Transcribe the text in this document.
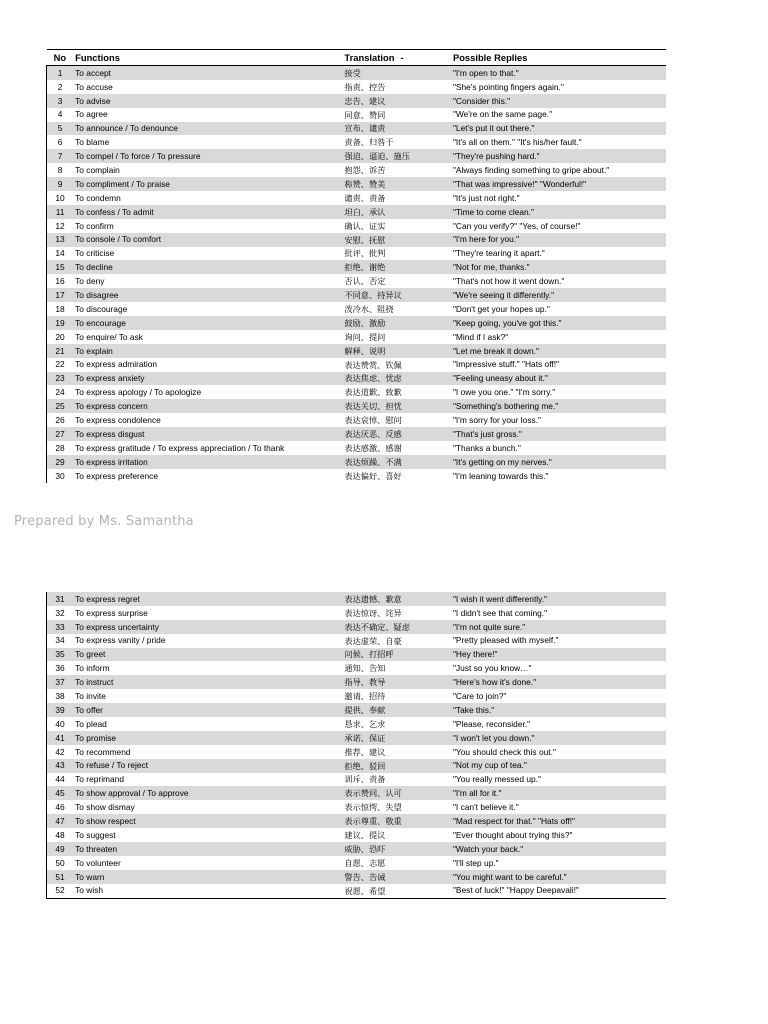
No	Functions	Translation -	Possible Replies
1	To accept	接受	"I'm open to that."
2	To accuse	指责、控告	"She's pointing fingers again."
3	To advise	忠告、建议	"Consider this."
4	To agree	同意、赞同	"We're on the same page."
5	To announce / To denounce	宣布、谴责	"Let's put it out there."
6	To blame	责备、归咎于	"It's all on them." "It's his/her fault."
7	To compel / To force / To pressure	强迫、逼迫、施压	"They're pushing hard."
8	To complain	抱怨、诉苦	"Always finding something to gripe about."
9	To compliment / To praise	称赞、赞美	"That was impressive!" "Wonderful!"
10	To condemn	谴责、责备	"It's just not right."
11	To confess / To admit	坦白、承认	"Time to come clean."
12	To confirm	确认、证实	"Can you verify?" "Yes, of course!"
13	To console / To comfort	安慰、抚慰	"I'm here for you."
14	To criticise	批评、批判	"They're tearing it apart."
15	To decline	拒绝、谢绝	"Not for me, thanks."
16	To deny	否认、否定	"That's not how it went down."
17	To disagree	不同意、持异议	"We're seeing it differently."
18	To discourage	泼冷水、阻挠	"Don't get your hopes up."
19	To encourage	鼓励、激励	"Keep going, you've got this."
20	To enquire/ To ask	询问、提问	"Mind if I ask?"
21	To explain	解释、说明	"Let me break it down."
22	To express admiration	表达赞赏、钦佩	"Impressive stuff." "Hats off!"
23	To express anxiety	表达焦虑、忧虑	"Feeling uneasy about it."
24	To express apology / To apologize	表达道歉、致歉	"I owe you one." "I'm sorry."
25	To express concern	表达关切、担忧	"Something's bothering me."
26	To express condolence	表达哀悼、慰问	"I'm sorry for your loss."
27	To express disgust	表达厌恶、反感	"That's just gross."
28	To express gratitude / To express appreciation / To thank	表达感激、感谢	"Thanks a bunch."
29	To express irritation	表达烦躁、不满	"It's getting on my nerves."
30	To express preference	表达偏好、喜好	"I'm leaning towards this."
Prepared by Ms. Samantha
31	To express regret	表达遗憾、歉意	"I wish it went differently."
32	To express surprise	表达惊讶、诧异	"I didn't see that coming."
33	To express uncertainty	表达不确定、疑虑	"I'm not quite sure."
34	To express vanity / pride	表达虚荣、自豪	"Pretty pleased with myself."
35	To greet	问候、打招呼	"Hey there!"
36	To inform	通知、告知	"Just so you know…"
37	To instruct	指导、教导	"Here's how it's done."
38	To invite	邀请、招待	"Care to join?"
39	To offer	提供、奉献	"Take this."
40	To plead	恳求、乞求	"Please, reconsider."
41	To promise	承诺、保证	"I won't let you down."
42	To recommend	推荐、建议	"You should check this out."
43	To refuse / To reject	拒绝、驳回	"Not my cup of tea."
44	To reprimand	训斥、责备	"You really messed up."
45	To show approval / To approve	表示赞同、认可	"I'm all for it."
46	To show dismay	表示惊愕、失望	"I can't believe it."
47	To show respect	表示尊重、敬重	"Mad respect for that." "Hats off!"
48	To suggest	建议、提议	"Ever thought about trying this?"
49	To threaten	威胁、恐吓	"Watch your back."
50	To volunteer	自愿、志愿	"I'll step up."
51	To warn	警告、告诫	"You might want to be careful."
52	To wish	祝愿、希望	"Best of luck!" "Happy Deepavali!"
